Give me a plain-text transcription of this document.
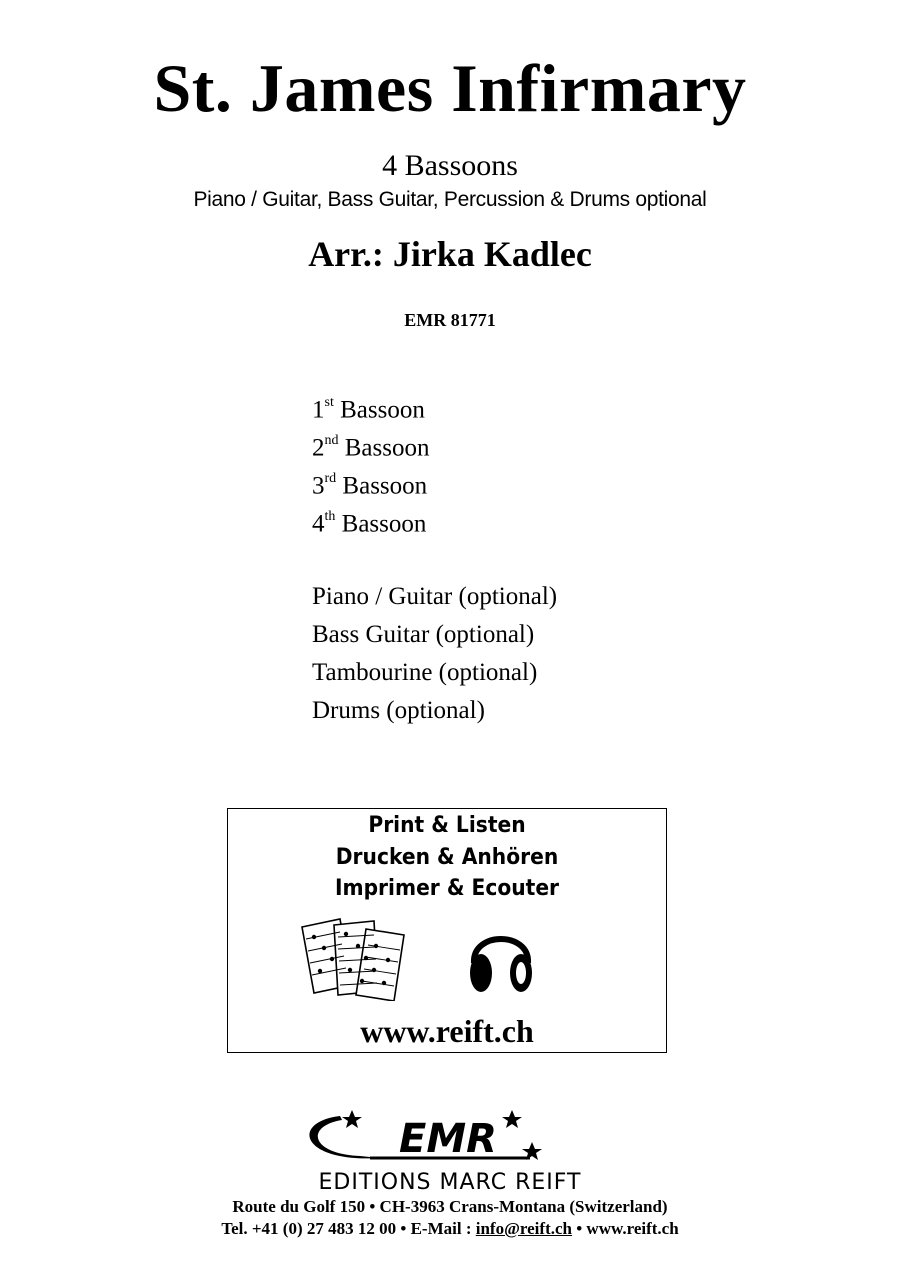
St. James Infirmary
4 Bassoons
Piano / Guitar, Bass Guitar, Percussion & Drums optional
Arr.: Jirka Kadlec
EMR 81771
1st Bassoon
2nd Bassoon
3rd Bassoon
4th Bassoon
Piano / Guitar (optional)
Bass Guitar (optional)
Tambourine (optional)
Drums (optional)
Print & Listen
Drucken & Anhören
Imprimer & Ecouter
www.reift.ch
EMR
EDITIONS MARC REIFT
Route du Golf 150 • CH-3963 Crans-Montana (Switzerland)
Tel. +41 (0) 27 483 12 00 • E-Mail : info@reift.ch • www.reift.ch
